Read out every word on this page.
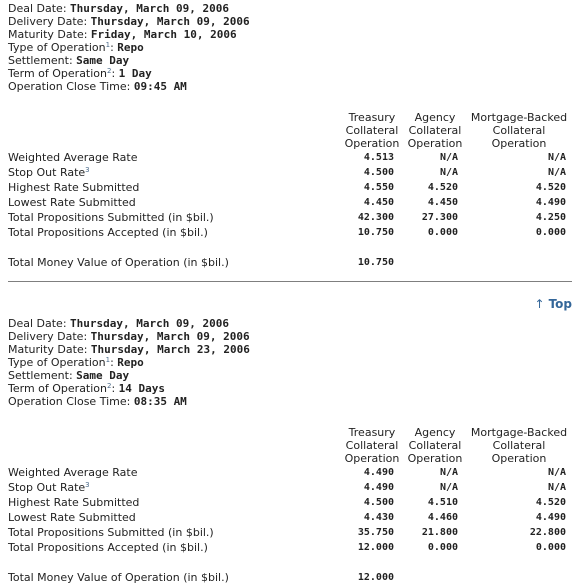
Deal Date: Thursday, March 09, 2006
Delivery Date: Thursday, March 09, 2006
Maturity Date: Friday, March 10, 2006
Type of Operation$^1$: Repo
Settlement: Same Day
Term of Operation$^2$: 1 Day
Operation Close Time: 09:45 AM
Treasury
Collateral
Operation
Agency
Collateral
Operation
Mortgage-Backed
Collateral
Operation
Weighted Average Rate	4.513	N/A	N/A
Stop Out Rate$^3$	4.500	N/A	N/A
Highest Rate Submitted	4.550	4.520	4.520
Lowest Rate Submitted	4.450	4.450	4.490
Total Propositions Submitted (in $bil.)	42.300	27.300	4.250
Total Propositions Accepted (in $bil.)	10.750	0.000	0.000
Total Money Value of Operation (in $bil.)	10.750
↑ Top
Deal Date: Thursday, March 09, 2006
Delivery Date: Thursday, March 09, 2006
Maturity Date: Thursday, March 23, 2006
Type of Operation$^1$: Repo
Settlement: Same Day
Term of Operation$^2$: 14 Days
Operation Close Time: 08:35 AM
Treasury
Collateral
Operation
Agency
Collateral
Operation
Mortgage-Backed
Collateral
Operation
Weighted Average Rate	4.490	N/A	N/A
Stop Out Rate$^3$	4.490	N/A	N/A
Highest Rate Submitted	4.500	4.510	4.520
Lowest Rate Submitted	4.430	4.460	4.490
Total Propositions Submitted (in $bil.)	35.750	21.800	22.800
Total Propositions Accepted (in $bil.)	12.000	0.000	0.000
Total Money Value of Operation (in $bil.)	12.000
